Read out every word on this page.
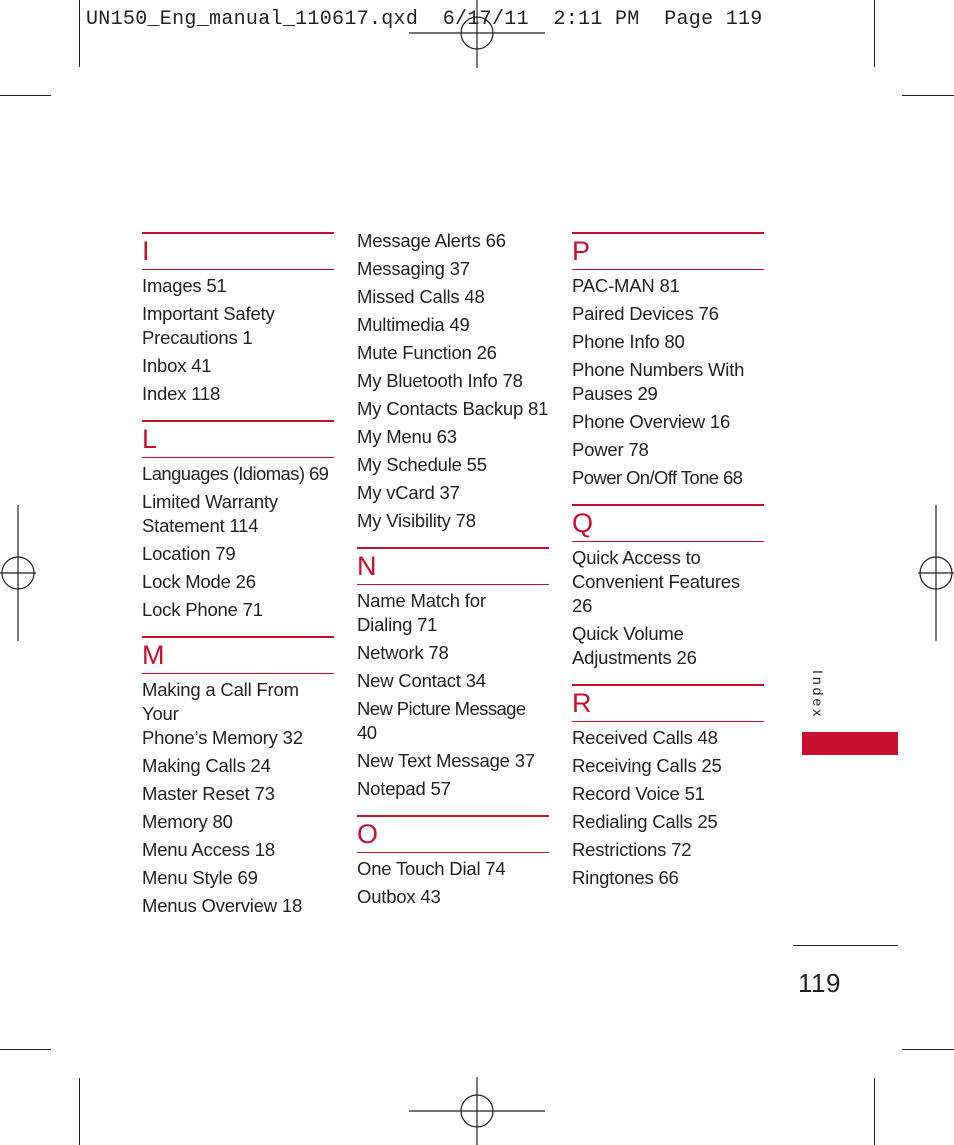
UN150_Eng_manual_110617.qxd  6/17/11  2:11 PM  Page 119
I
Images 51
Important Safety
Precautions 1
Inbox 41
Index 118
L
Languages (Idiomas) 69
Limited Warranty
Statement 114
Location 79
Lock Mode 26
Lock Phone 71
M
Making a Call From Your
Phone’s Memory 32
Making Calls 24
Master Reset 73
Memory 80
Menu Access 18
Menu Style 69
Menus Overview 18
Message Alerts 66
Messaging 37
Missed Calls 48
Multimedia 49
Mute Function 26
My Bluetooth Info 78
My Contacts Backup 81
My Menu 63
My Schedule 55
My vCard 37
My Visibility 78
N
Name Match for
Dialing 71
Network 78
New Contact 34
New Picture Message 40
New Text Message 37
Notepad 57
O
One Touch Dial 74
Outbox 43
P
PAC-MAN 81
Paired Devices 76
Phone Info 80
Phone Numbers With
Pauses 29
Phone Overview 16
Power 78
Power On/Off Tone 68
Q
Quick Access to
Convenient Features 26
Quick Volume
Adjustments 26
R
Received Calls 48
Receiving Calls 25
Record Voice 51
Redialing Calls 25
Restrictions 72
Ringtones 66
Index
119
